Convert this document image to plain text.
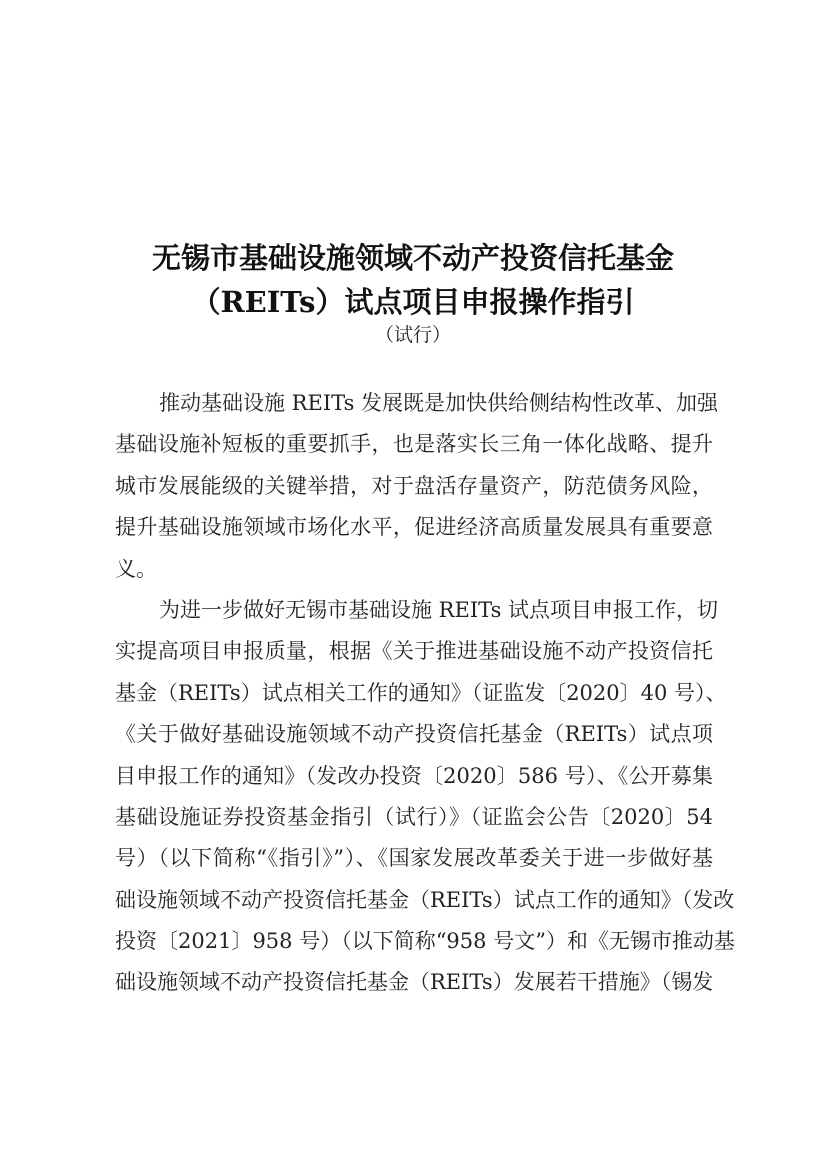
无锡市基础设施领域不动产投资信托基金
（REITs）试点项目申报操作指引
（试行）
推动基础设施 REITs 发展既是加快供给侧结构性改革、加强
基础设施补短板的重要抓手，也是落实长三角一体化战略、提升
城市发展能级的关键举措，对于盘活存量资产，防范债务风险，
提升基础设施领域市场化水平，促进经济高质量发展具有重要意
义。
为进一步做好无锡市基础设施 REITs 试点项目申报工作，切
实提高项目申报质量，根据《关于推进基础设施不动产投资信托
基金（REITs）试点相关工作的通知》（证监发〔2020〕40 号）、
《关于做好基础设施领域不动产投资信托基金（REITs）试点项
目申报工作的通知》（发改办投资〔2020〕586 号）、《公开募集
基础设施证券投资基金指引（试行）》（证监会公告〔2020〕54
号）（以下简称“《指引》”）、《国家发展改革委关于进一步做好基
础设施领域不动产投资信托基金（REITs）试点工作的通知》（发改
投资〔2021〕958 号）（以下简称“958 号文”）和《无锡市推动基
础设施领域不动产投资信托基金（REITs）发展若干措施》（锡发
